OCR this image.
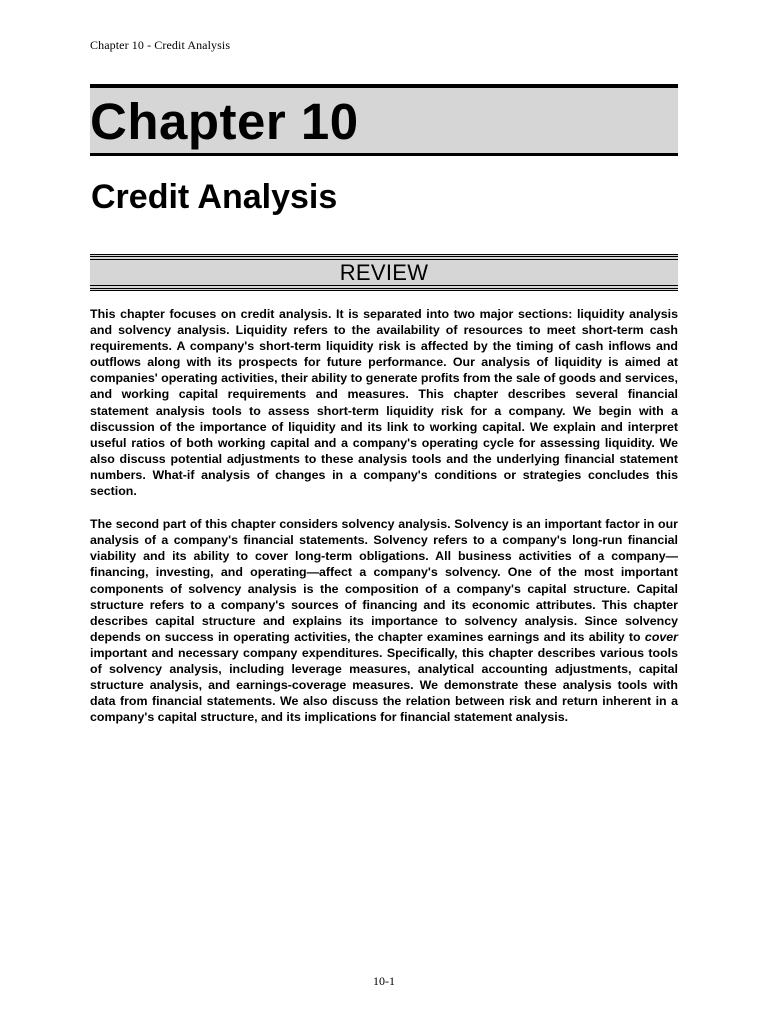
Chapter 10 - Credit Analysis
Chapter 10
Credit Analysis
REVIEW

This chapter focuses on credit analysis. It is separated into two major sections: liquidity analysis and solvency analysis. Liquidity refers to the availability of resources to meet short-term cash requirements. A company's short-term liquidity risk is affected by the timing of cash inflows and outflows along with its prospects for future performance. Our analysis of liquidity is aimed at companies' operating activities, their ability to generate profits from the sale of goods and services, and working capital requirements and measures. This chapter describes several financial statement analysis tools to assess short-term liquidity risk for a company. We begin with a discussion of the importance of liquidity and its link to working capital. We explain and interpret useful ratios of both working capital and a company's operating cycle for assessing liquidity. We also discuss potential adjustments to these analysis tools and the underlying financial statement numbers. What-if analysis of changes in a company's conditions or strategies concludes this section.

The second part of this chapter considers solvency analysis. Solvency is an important factor in our analysis of a company's financial statements. Solvency refers to a company's long-run financial viability and its ability to cover long-term obligations. All business activities of a company—financing, investing, and operating—affect a company's solvency. One of the most important components of solvency analysis is the composition of a company's capital structure. Capital structure refers to a company's sources of financing and its economic attributes. This chapter describes capital structure and explains its importance to solvency analysis. Since solvency depends on success in operating activities, the chapter examines earnings and its ability to cover important and necessary company expenditures. Specifically, this chapter describes various tools of solvency analysis, including leverage measures, analytical accounting adjustments, capital structure analysis, and earnings-coverage measures. We demonstrate these analysis tools with data from financial statements. We also discuss the relation between risk and return inherent in a company's capital structure, and its implications for financial statement analysis.

10-1
